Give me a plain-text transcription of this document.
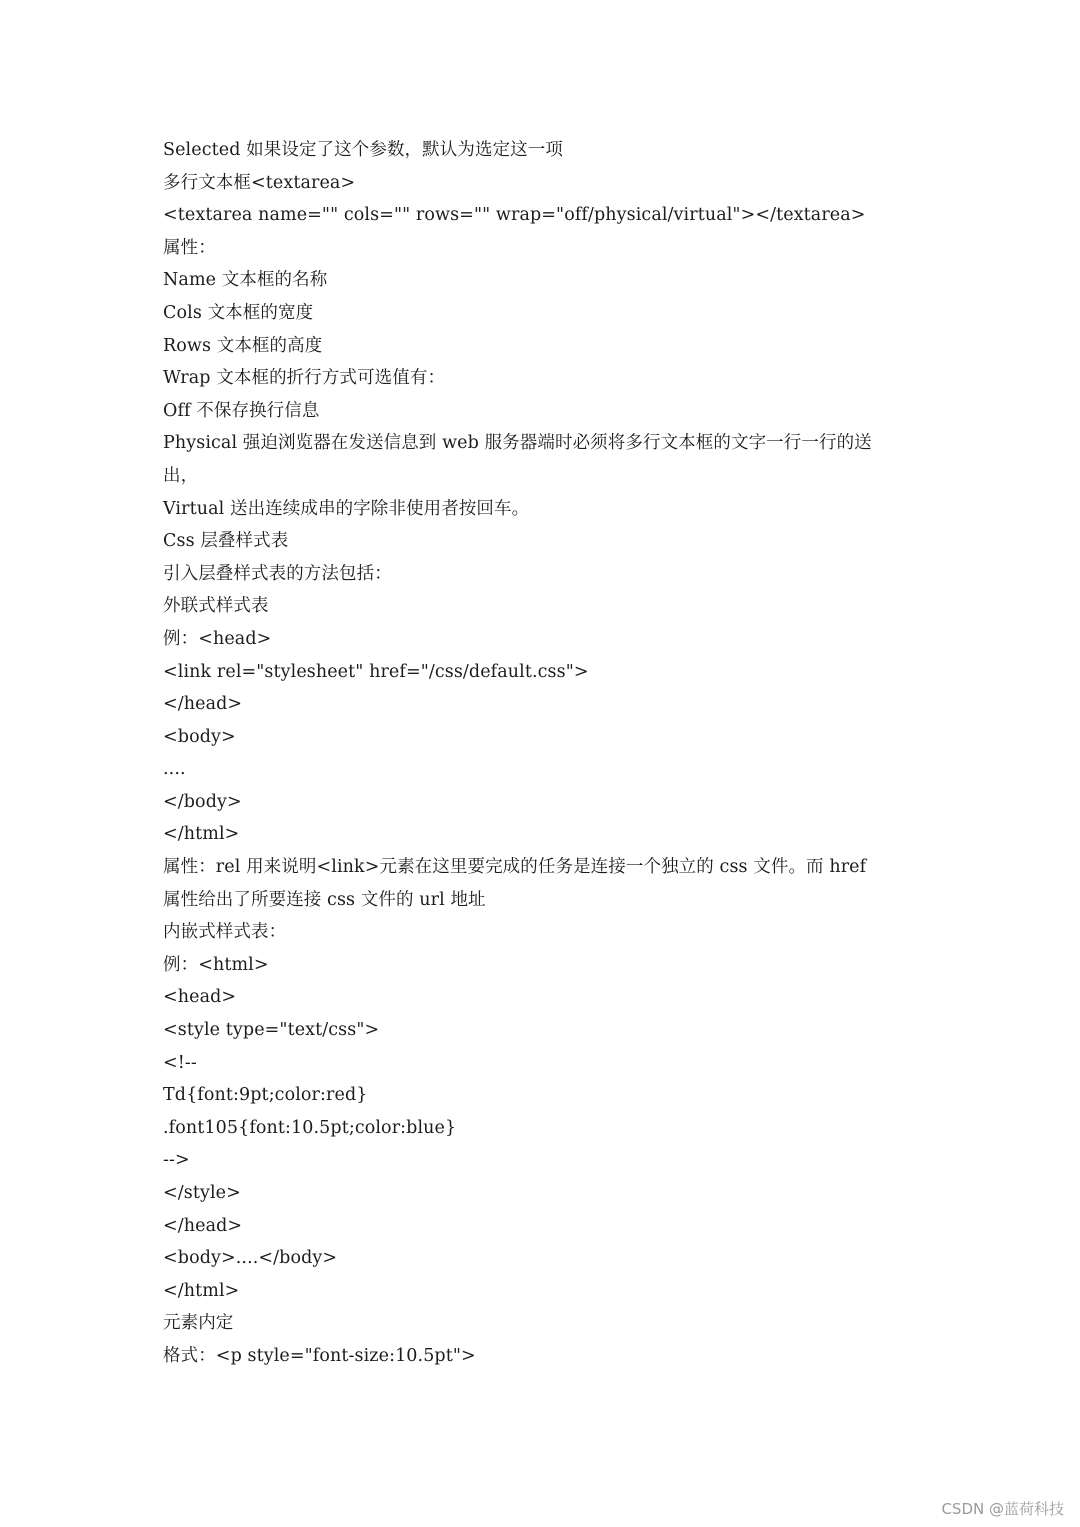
Selected 如果设定了这个参数，默认为选定这一项
多行文本框<textarea>
<textarea name="" cols="" rows="" wrap="off/physical/virtual"></textarea>
属性：
Name 文本框的名称
Cols 文本框的宽度
Rows 文本框的高度
Wrap 文本框的折行方式可选值有：
Off 不保存换行信息
Physical 强迫浏览器在发送信息到 web 服务器端时必须将多行文本框的文字一行一行的送
出，
Virtual 送出连续成串的字除非使用者按回车。
Css 层叠样式表
引入层叠样式表的方法包括：
外联式样式表
例：<head>
<link rel="stylesheet" href="/css/default.css">
</head>
<body>
....
</body>
</html>
属性：rel 用来说明<link>元素在这里要完成的任务是连接一个独立的 css 文件。而 href
属性给出了所要连接 css 文件的 url 地址
内嵌式样式表：
例：<html>
<head>
<style type="text/css">
<!--
Td{font:9pt;color:red}
.font105{font:10.5pt;color:blue}
-->
</style>
</head>
<body>....</body>
</html>
元素内定
格式：<p style="font-size:10.5pt">
CSDN @蓝荷科技
